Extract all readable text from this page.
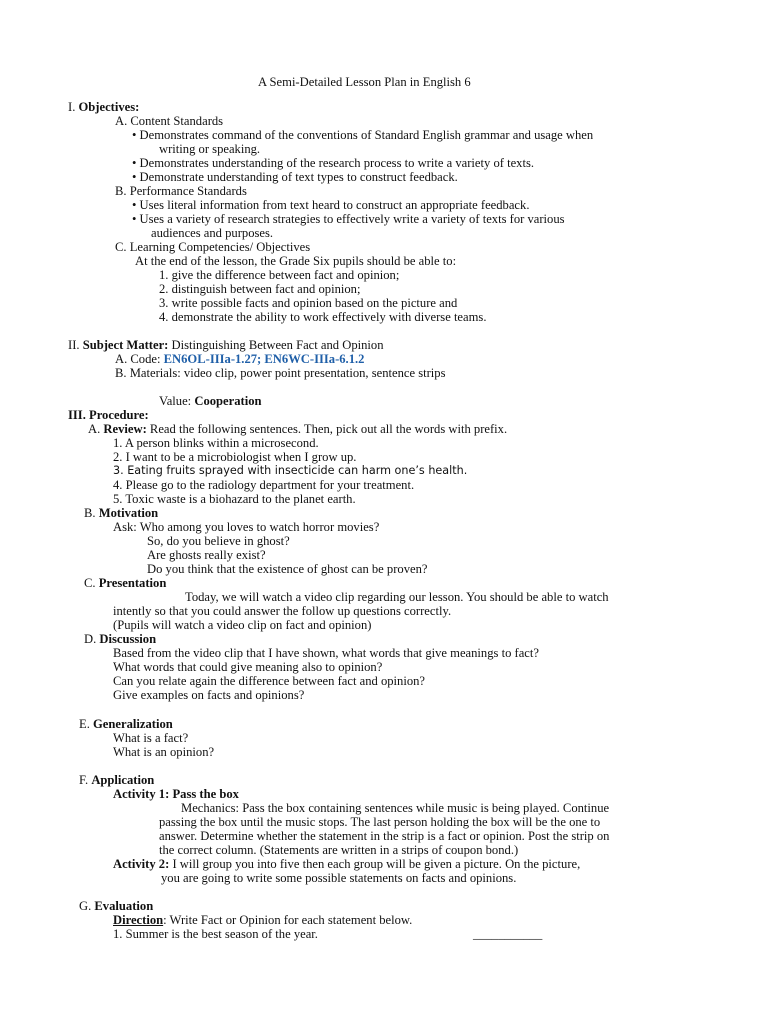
A Semi-Detailed Lesson Plan in English 6
I. Objectives:
A. Content Standards
• Demonstrates command of the conventions of Standard English grammar and usage when
writing or speaking.
• Demonstrates understanding of the research process to write a variety of texts.
• Demonstrate understanding of text types to construct feedback.
B. Performance Standards
• Uses literal information from text heard to construct an appropriate feedback.
• Uses a variety of research strategies to effectively write a variety of texts for various
audiences and purposes.
C. Learning Competencies/ Objectives
At the end of the lesson, the Grade Six pupils should be able to:
1. give the difference between fact and opinion;
2. distinguish between fact and opinion;
3. write possible facts and opinion based on the picture and
4. demonstrate the ability to work effectively with diverse teams.
II. Subject Matter: Distinguishing Between Fact and Opinion
A. Code: EN6OL-IIIa-1.27; EN6WC-IIIa-6.1.2
B. Materials: video clip, power point presentation, sentence strips
Value: Cooperation
III. Procedure:
A. Review: Read the following sentences. Then, pick out all the words with prefix.
1. A person blinks within a microsecond.
2. I want to be a microbiologist when I grow up.
3. Eating fruits sprayed with insecticide can harm one’s health.
4. Please go to the radiology department for your treatment.
5. Toxic waste is a biohazard to the planet earth.
B. Motivation
Ask: Who among you loves to watch horror movies?
So, do you believe in ghost?
Are ghosts really exist?
Do you think that the existence of ghost can be proven?
C. Presentation
Today, we will watch a video clip regarding our lesson. You should be able to watch
intently so that you could answer the follow up questions correctly.
(Pupils will watch a video clip on fact and opinion)
D. Discussion
Based from the video clip that I have shown, what words that give meanings to fact?
What words that could give meaning also to opinion?
Can you relate again the difference between fact and opinion?
Give examples on facts and opinions?
E. Generalization
What is a fact?
What is an opinion?
F. Application
Activity 1: Pass the box
Mechanics: Pass the box containing sentences while music is being played. Continue
passing the box until the music stops. The last person holding the box will be the one to
answer. Determine whether the statement in the strip is a fact or opinion. Post the strip on
the correct column. (Statements are written in a strips of coupon bond.)
Activity 2: I will group you into five then each group will be given a picture. On the picture,
you are going to write some possible statements on facts and opinions.
G. Evaluation
Direction: Write Fact or Opinion for each statement below.
1. Summer is the best season of the year.	___________
